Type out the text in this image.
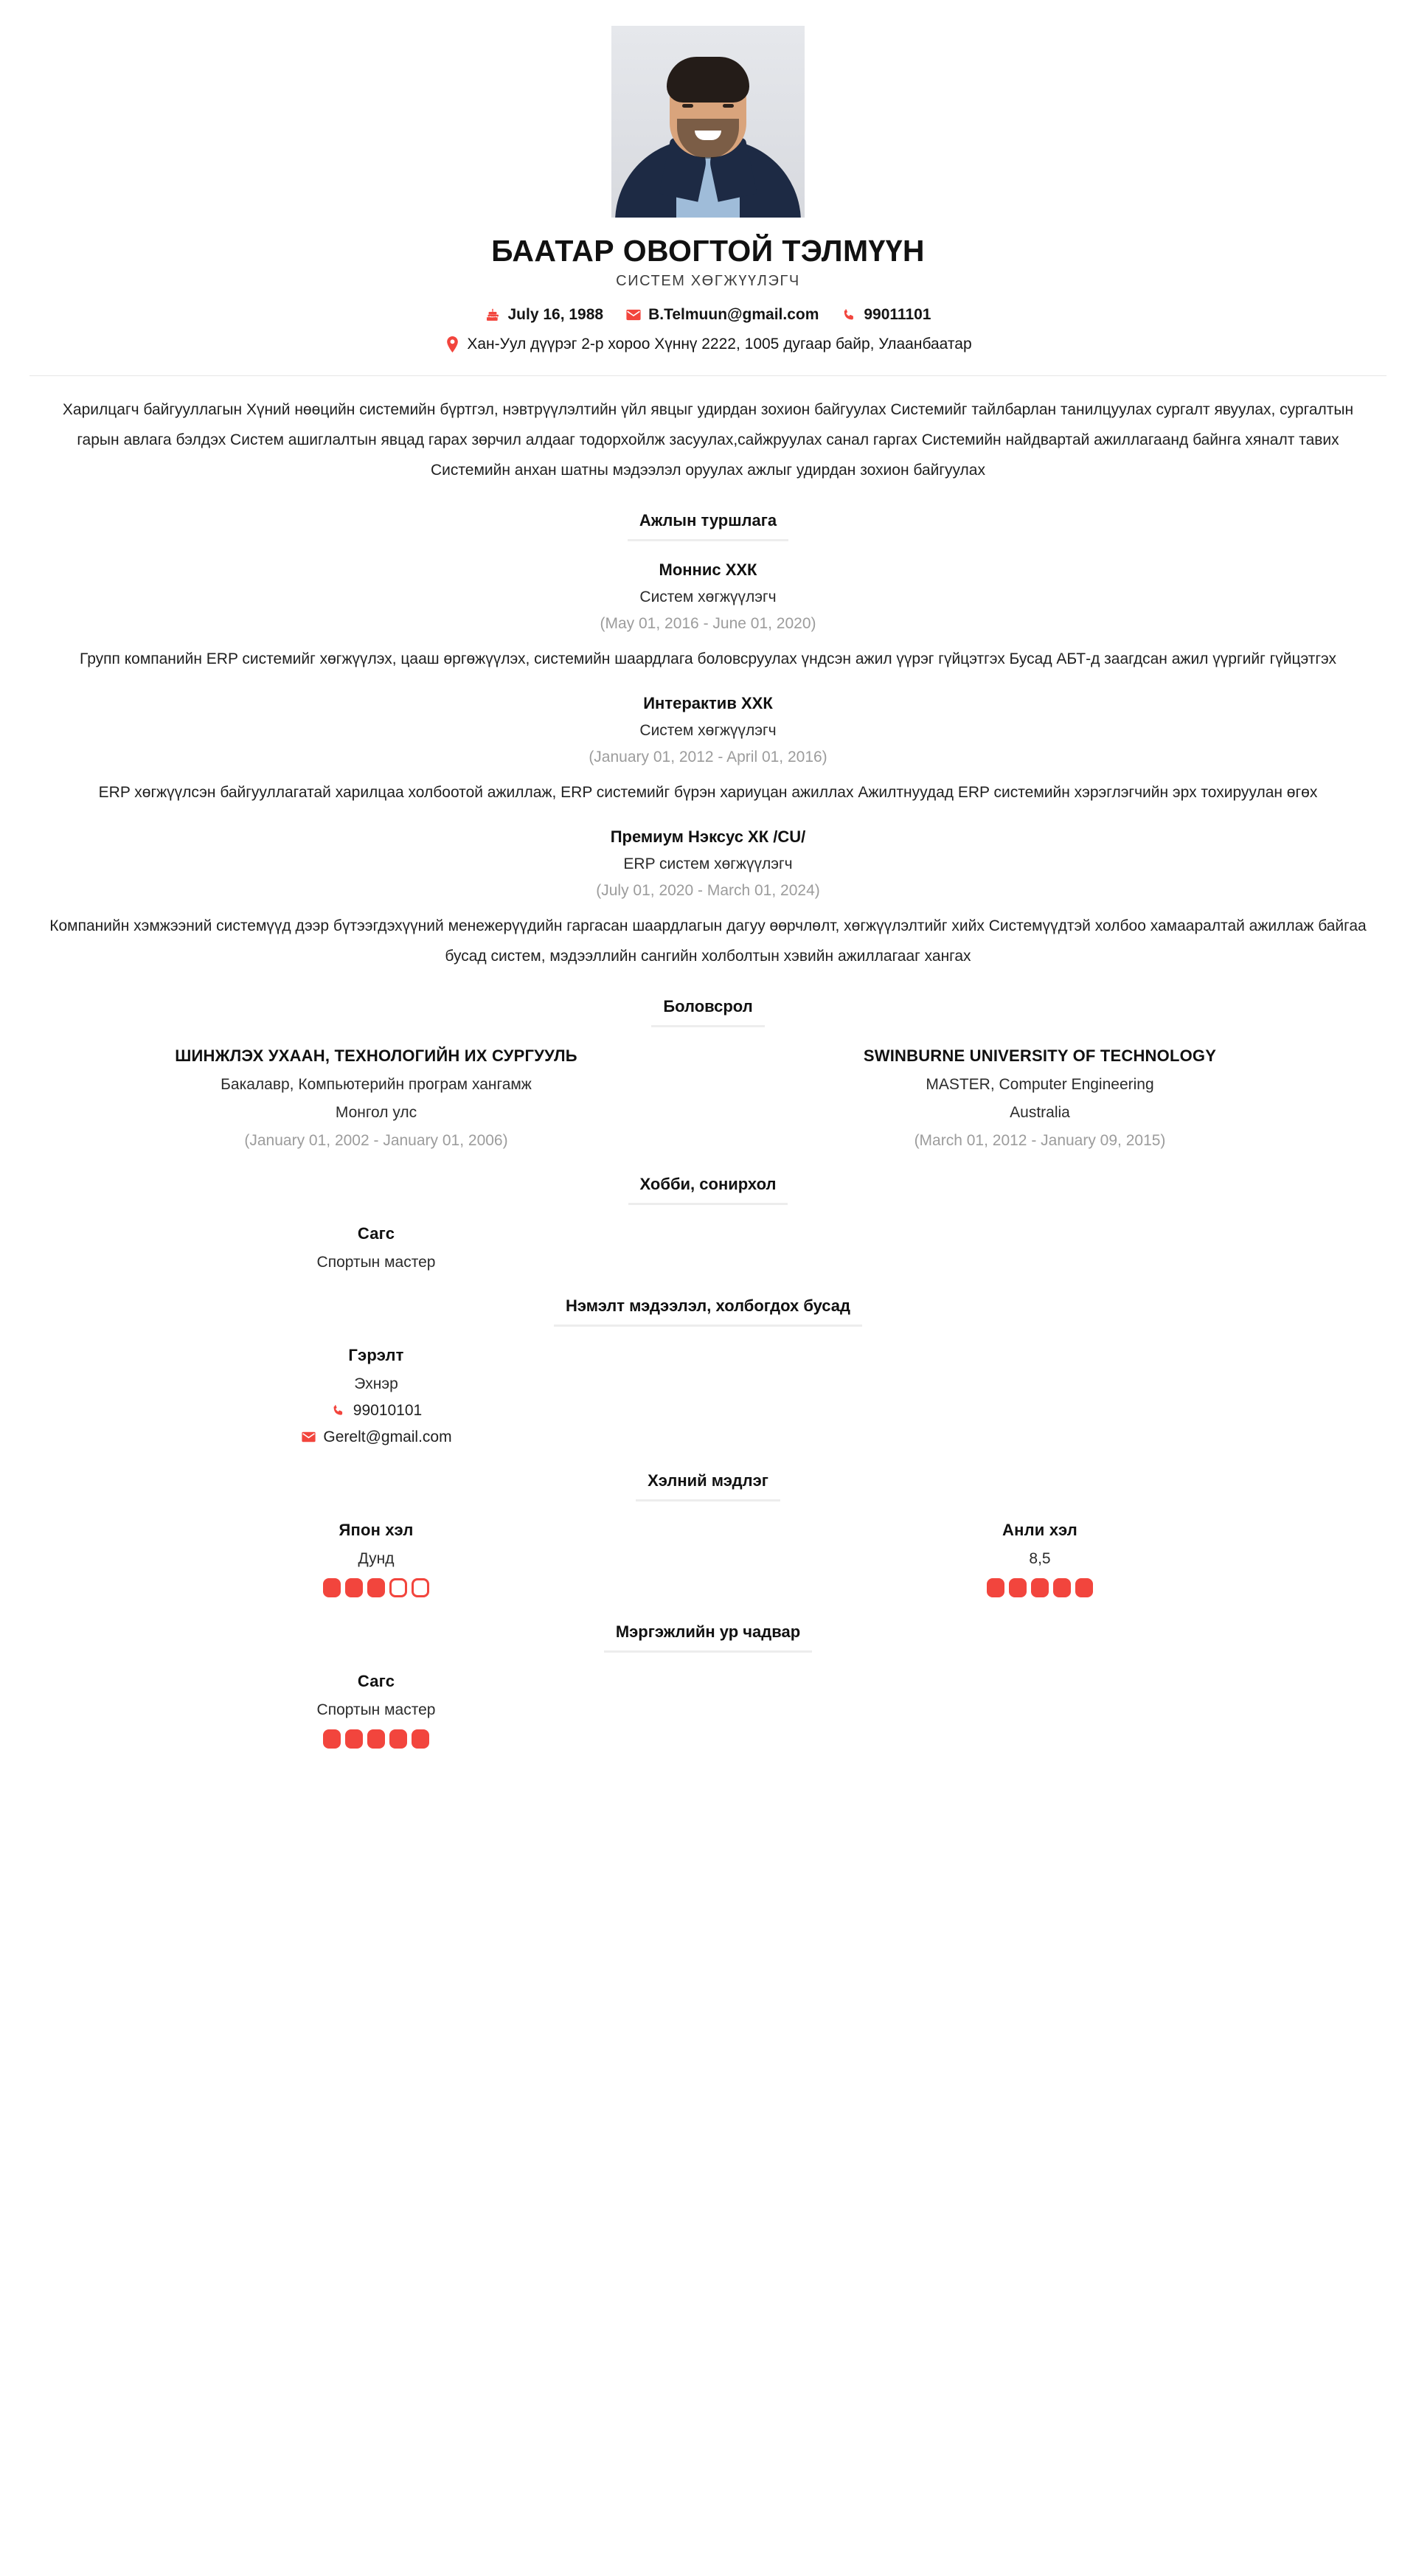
БААТАР ОВОГТОЙ ТЭЛМҮҮН
СИСТЕМ ХӨГЖҮҮЛЭГЧ
July 16, 1988	B.Telmuun@gmail.com	99011101
Хан-Уул дүүрэг 2-р хороо Хүннү 2222, 1005 дугаар байр, Улаанбаатар
Харилцагч байгууллагын Хүний нөөцийн системийн бүртгэл, нэвтрүүлэлтийн үйл явцыг удирдан зохион байгуулах Системийг тайлбарлан танилцуулах сургалт явуулах, сургалтын гарын авлага бэлдэх Систем ашиглалтын явцад гарах зөрчил алдааг тодорхойлж засуулах,сайжруулах санал гаргах Системийн найдвартай ажиллагаанд байнга хяналт тавих Системийн анхан шатны мэдээлэл оруулах ажлыг удирдан зохион байгуулах
Ажлын туршлага
Моннис ХХК
Систем хөгжүүлэгч
(May 01, 2016 - June 01, 2020)
Групп компанийн ERP системийг хөгжүүлэх, цааш өргөжүүлэх, системийн шаардлага боловсруулах үндсэн ажил үүрэг гүйцэтгэх Бусад АБТ-д заагдсан ажил үүргийг гүйцэтгэх
Интерактив ХХК
Систем хөгжүүлэгч
(January 01, 2012 - April 01, 2016)
ERP хөгжүүлсэн байгууллагатай харилцаа холбоотой ажиллаж, ERP системийг бүрэн хариуцан ажиллах Ажилтнуудад ERP системийн хэрэглэгчийн эрх тохируулан өгөх
Премиум Нэксус ХК /CU/
ERP систем хөгжүүлэгч
(July 01, 2020 - March 01, 2024)
Компанийн хэмжээний системүүд дээр бүтээгдэхүүний менежерүүдийн гаргасан шаардлагын дагуу өөрчлөлт, хөгжүүлэлтийг хийх Системүүдтэй холбоо хамааралтай ажиллаж байгаа бусад систем, мэдээллийн сангийн холболтын хэвийн ажиллагааг хангах
Боловсрол
ШИНЖЛЭХ УХААН, ТЕХНОЛОГИЙН ИХ СУРГУУЛЬ
Бакалавр, Компьютерийн програм хангамж
Монгол улс
(January 01, 2002 - January 01, 2006)
SWINBURNE UNIVERSITY OF TECHNOLOGY
MASTER, Computer Engineering
Australia
(March 01, 2012 - January 09, 2015)
Хобби, сонирхол
Сагс
Спортын мастер
Нэмэлт мэдээлэл, холбогдох бусад
Гэрэлт
Эхнэр
99010101
Gerelt@gmail.com
Хэлний мэдлэг
Япон хэл
Дунд
Анли хэл
8,5
Мэргэжлийн ур чадвар
Сагс
Спортын мастер
